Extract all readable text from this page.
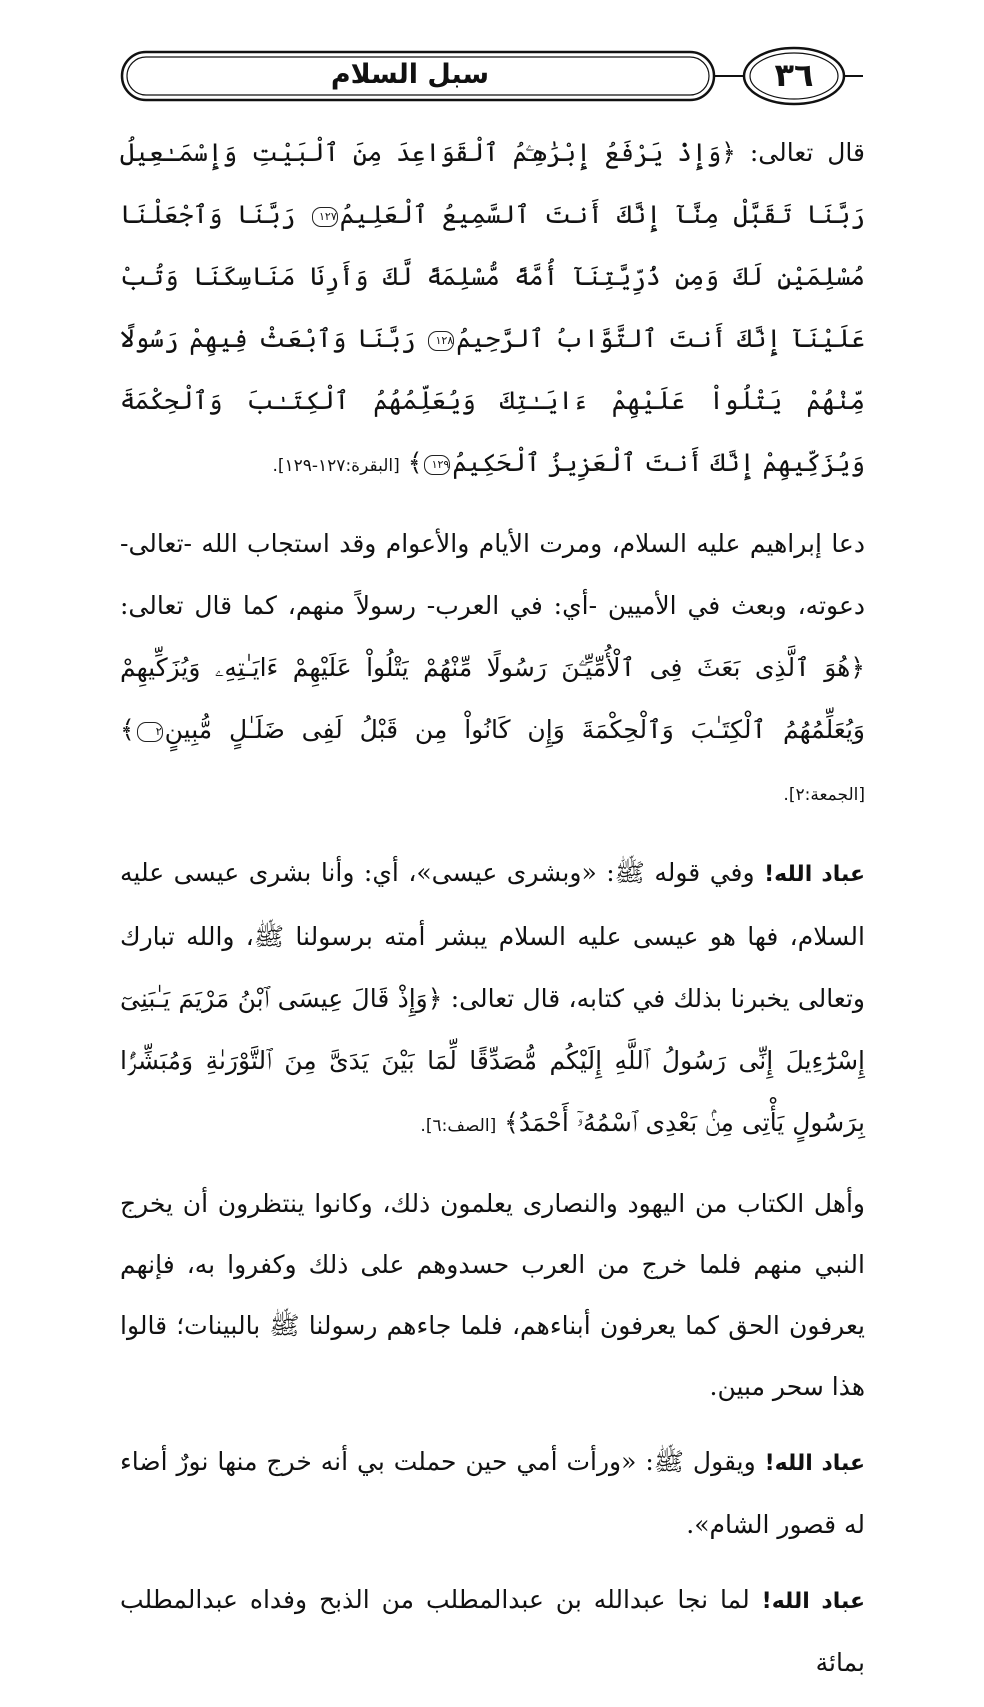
سبل السلام	٣٦

قال تعالى: ﴿وَإِذْ يَرْفَعُ إِبْرَٰهِـۧمُ ٱلْقَوَاعِدَ مِنَ ٱلْبَيْتِ وَإِسْمَـٰعِيلُ رَبَّنَا تَقَبَّلْ مِنَّآ إِنَّكَ أَنتَ ٱلسَّمِيعُ ٱلْعَلِيمُ١٢٧ رَبَّنَا وَٱجْعَلْنَا مُسْلِمَيْنِ لَكَ وَمِن ذُرِّيَّتِنَآ أُمَّةً مُّسْلِمَةً لَّكَ وَأَرِنَا مَنَاسِكَنَا وَتُبْ عَلَيْنَآ إِنَّكَ أَنتَ ٱلتَّوَّابُ ٱلرَّحِيمُ١٢٨ رَبَّنَا وَٱبْعَثْ فِيهِمْ رَسُولًا مِّنْهُمْ يَتْلُواْ عَلَيْهِمْ ءَايَـٰتِكَ وَيُعَلِّمُهُمُ ٱلْكِتَـٰبَ وَٱلْحِكْمَةَ وَيُزَكِّيهِمْ إِنَّكَ أَنتَ ٱلْعَزِيزُ ٱلْحَكِيمُ١٢٩﴾ [البقرة:١٢٧-١٢٩].

دعا إبراهيم عليه السلام، ومرت الأيام والأعوام وقد استجاب الله -تعالى- دعوته، وبعث في الأميين -أي: في العرب- رسولاً منهم، كما قال تعالى: ﴿هُوَ ٱلَّذِى بَعَثَ فِى ٱلْأُمِّيِّـۧنَ رَسُولًا مِّنْهُمْ يَتْلُواْ عَلَيْهِمْ ءَايَـٰتِهِۦ وَيُزَكِّيهِمْ وَيُعَلِّمُهُمُ ٱلْكِتَـٰبَ وَٱلْحِكْمَةَ وَإِن كَانُواْ مِن قَبْلُ لَفِى ضَلَـٰلٍ مُّبِينٍ٢﴾ [الجمعة:٢].

عباد الله! وفي قوله ﷺ: «وبشرى عيسى»، أي: وأنا بشرى عيسى عليه السلام، فها هو عيسى عليه السلام يبشر أمته برسولنا ﷺ، والله تبارك وتعالى يخبرنا بذلك في كتابه، قال تعالى: ﴿وَإِذْ قَالَ عِيسَى ٱبْنُ مَرْيَمَ يَـٰبَنِىٓ إِسْرَٰٓءِيلَ إِنِّى رَسُولُ ٱللَّهِ إِلَيْكُم مُّصَدِّقًا لِّمَا بَيْنَ يَدَىَّ مِنَ ٱلتَّوْرَىٰةِ وَمُبَشِّرًۢا بِرَسُولٍ يَأْتِى مِنۢ بَعْدِى ٱسْمُهُۥٓ أَحْمَدُ﴾ [الصف:٦].

وأهل الكتاب من اليهود والنصارى يعلمون ذلك، وكانوا ينتظرون أن يخرج النبي منهم فلما خرج من العرب حسدوهم على ذلك وكفروا به، فإنهم يعرفون الحق كما يعرفون أبناءهم، فلما جاءهم رسولنا ﷺ بالبينات؛ قالوا هذا سحر مبين.

عباد الله! ويقول ﷺ: «ورأت أمي حين حملت بي أنه خرج منها نورٌ أضاء له قصور الشام».

عباد الله! لما نجا عبدالله بن عبدالمطلب من الذبح وفداه عبدالمطلب بمائة
